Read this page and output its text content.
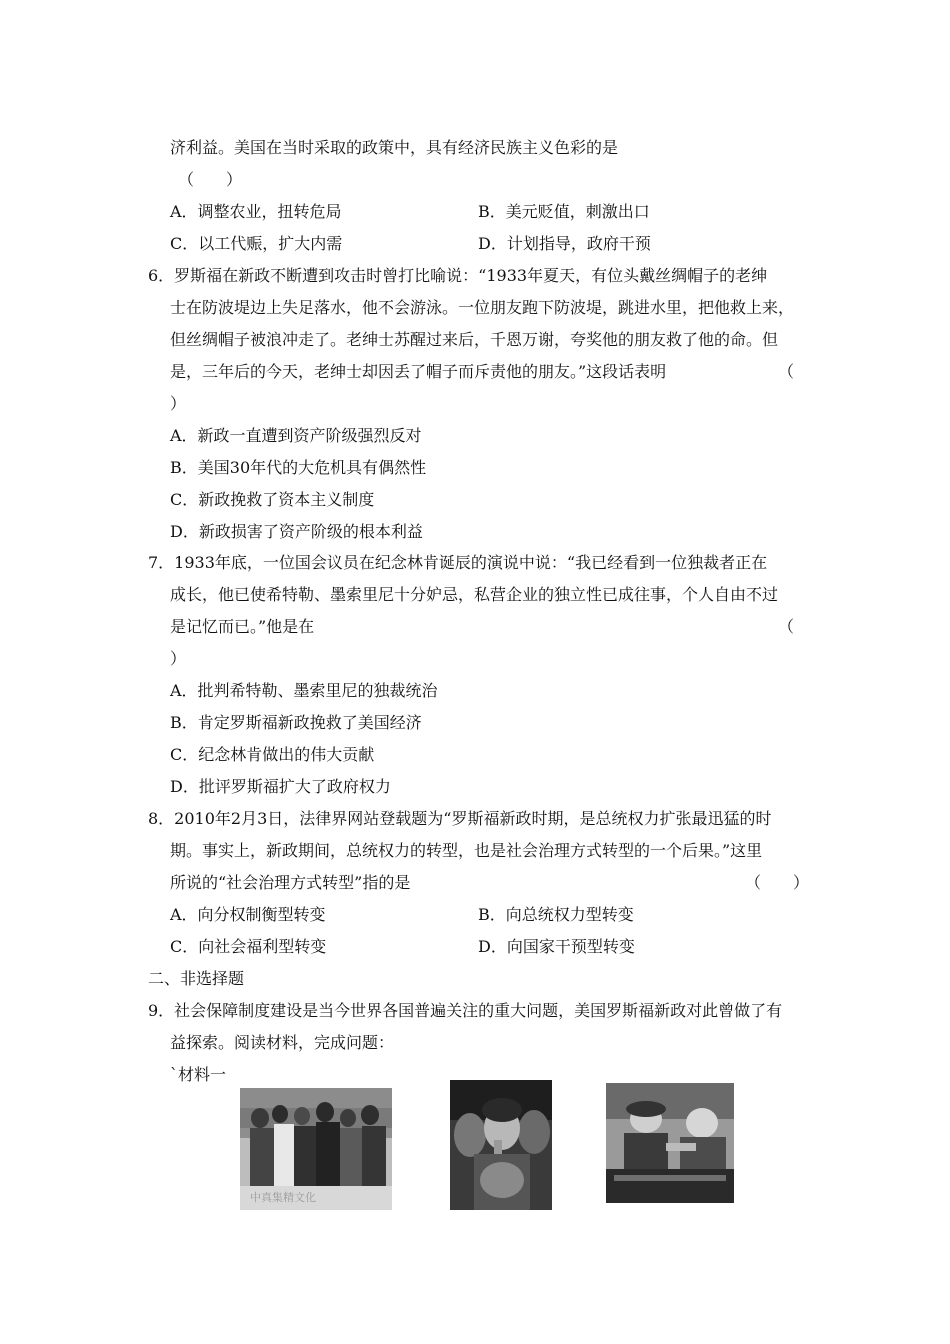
济利益。美国在当时采取的政策中，具有经济民族主义色彩的是
（　　）
A．调整农业，扭转危局	B．美元贬值，刺激出口
C．以工代赈，扩大内需	D．计划指导，政府干预
6．罗斯福在新政不断遭到攻击时曾打比喻说：“1933年夏天，有位头戴丝绸帽子的老绅
士在防波堤边上失足落水，他不会游泳。一位朋友跑下防波堤，跳进水里，把他救上来，
但丝绸帽子被浪冲走了。老绅士苏醒过来后，千恩万谢，夸奖他的朋友救了他的命。但
是，三年后的今天，老绅士却因丢了帽子而斥责他的朋友。”这段话表明	（
）
A．新政一直遭到资产阶级强烈反对
B．美国30年代的大危机具有偶然性
C．新政挽救了资本主义制度
D．新政损害了资产阶级的根本利益
7．1933年底，一位国会议员在纪念林肯诞辰的演说中说：“我已经看到一位独裁者正在
成长，他已使希特勒、墨索里尼十分妒忌，私营企业的独立性已成往事，个人自由不过
是记忆而已。”他是在	（
）
A．批判希特勒、墨索里尼的独裁统治
B．肯定罗斯福新政挽救了美国经济
C．纪念林肯做出的伟大贡献
D．批评罗斯福扩大了政府权力
8．2010年2月3日，法律界网站登载题为“罗斯福新政时期，是总统权力扩张最迅猛的时
期。事实上，新政期间，总统权力的转型，也是社会治理方式转型的一个后果。”这里
所说的“社会治理方式转型”指的是	（　　）
A．向分权制衡型转变	B．向总统权力型转变
C．向社会福利型转变	D．向国家干预型转变
二、非选择题
9．社会保障制度建设是当今世界各国普遍关注的重大问题，美国罗斯福新政对此曾做了有
益探索。阅读材料，完成问题：
`材料一
中真集精文化
